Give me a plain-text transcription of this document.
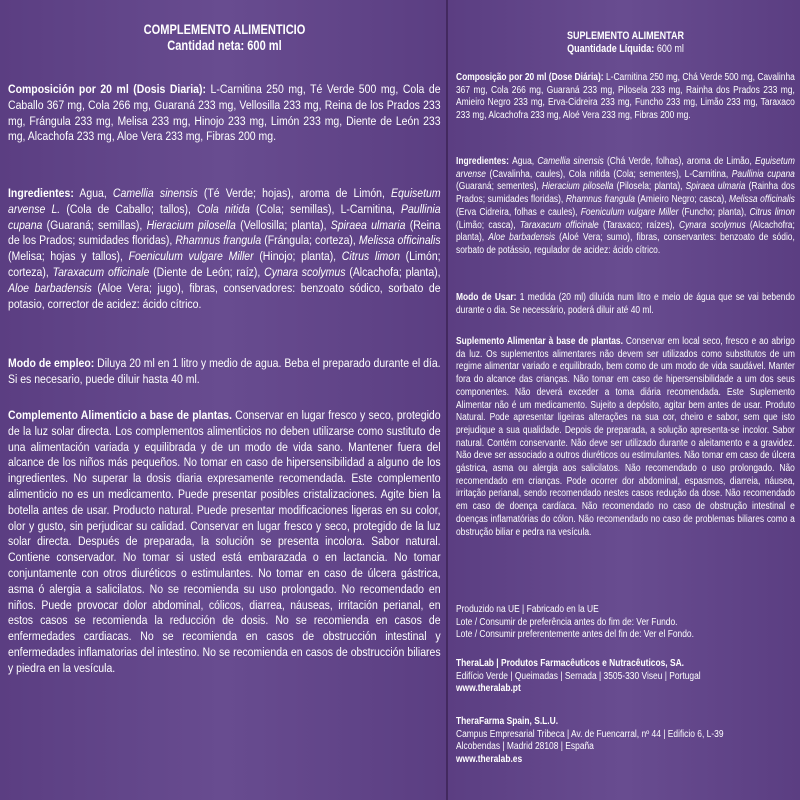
COMPLEMENTO ALIMENTICIO
Cantidad neta: 600 ml
Composición por 20 ml (Dosis Diaria): L-Carnitina 250 mg, Té Verde 500 mg, Cola de Caballo 367 mg, Cola 266 mg, Guaraná 233 mg, Vellosilla 233 mg, Reina de los Prados 233 mg, Frángula 233 mg, Melisa 233 mg, Hinojo 233 mg, Limón 233 mg, Diente de León 233 mg, Alcachofa 233 mg, Aloe Vera 233 mg, Fibras 200 mg.
Ingredientes: Agua, Camellia sinensis (Té Verde; hojas), aroma de Limón, Equisetum arvense L. (Cola de Caballo; tallos), Cola nitida (Cola; semillas), L-Carnitina, Paullinia cupana (Guaraná; semillas), Hieracium pilosella (Vellosilla; planta), Spiraea ulmaria (Reina de los Prados; sumidades floridas), Rhamnus frangula (Frángula; corteza), Melissa officinalis (Melisa; hojas y tallos), Foeniculum vulgare Miller (Hinojo; planta), Citrus limon (Limón; corteza), Taraxacum officinale (Diente de León; raíz), Cynara scolymus (Alcachofa; planta), Aloe barbadensis (Aloe Vera; jugo), fibras, conservadores: benzoato sódico, sorbato de potasio, corrector de acidez: ácido cítrico.
Modo de empleo: Diluya 20 ml en 1 litro y medio de agua. Beba el preparado durante el día. Si es necesario, puede diluir hasta 40 ml.
Complemento Alimenticio a base de plantas. Conservar en lugar fresco y seco, protegido de la luz solar directa. Los complementos alimenticios no deben utilizarse como sustituto de una alimentación variada y equilibrada y de un modo de vida sano. Mantener fuera del alcance de los niños más pequeños. No tomar en caso de hipersensibilidad a alguno de los ingredientes. No superar la dosis diaria expresamente recomendada. Este complemento alimenticio no es un medicamento. Puede presentar posibles cristalizaciones. Agite bien la botella antes de usar. Producto natural. Puede presentar modificaciones ligeras en su color, olor y gusto, sin perjudicar su calidad. Conservar en lugar fresco y seco, protegido de la luz solar directa. Después de preparada, la solución se presenta incolora. Sabor natural. Contiene conservador. No tomar si usted está embarazada o en lactancia. No tomar conjuntamente con otros diuréticos o estimulantes. No tomar en caso de úlcera gástrica, asma ó alergia a salicilatos. No se recomienda su uso prolongado. No recomendado en niños. Puede provocar dolor abdominal, cólicos, diarrea, náuseas, irritación perianal, en estos casos se recomienda la reducción de dosis. No se recomienda en casos de enfermedades cardiacas. No se recomienda en casos de obstrucción intestinal y enfermedades inflamatorias del intestino. No se recomienda en casos de obstrucción biliares y piedra en la vesícula.
SUPLEMENTO ALIMENTAR
Quantidade Líquida: 600 ml
Composição por 20 ml (Dose Diária): L-Carnitina 250 mg, Chá Verde 500 mg, Cavalinha 367 mg, Cola 266 mg, Guaraná 233 mg, Pilosela 233 mg, Rainha dos Prados 233 mg, Amieiro Negro 233 mg, Erva-Cidreira 233 mg, Funcho 233 mg, Limão 233 mg, Taraxaco 233 mg, Alcachofra 233 mg, Aloé Vera 233 mg, Fibras 200 mg.
Ingredientes: Água, Camellia sinensis (Chá Verde, folhas), aroma de Limão, Equisetum arvense (Cavalinha, caules), Cola nitida (Cola; sementes), L-Carnitina, Paullinia cupana (Guaraná; sementes), Hieracium pilosella (Pilosela; planta), Spiraea ulmaria (Rainha dos Prados; sumidades floridas), Rhamnus frangula (Amieiro Negro; casca), Melissa officinalis (Erva Cidreira, folhas e caules), Foeniculum vulgare Miller (Funcho; planta), Citrus limon (Limão; casca), Taraxacum officinale (Taraxaco; raízes), Cynara scolymus (Alcachofra; planta), Aloe barbadensis (Aloé Vera; sumo), fibras, conservantes: benzoato de sódio, sorbato de potássio, regulador de acidez: ácido cítrico.
Modo de Usar: 1 medida (20 ml) diluída num litro e meio de água que se vai bebendo durante o dia. Se necessário, poderá diluir até 40 ml.
Suplemento Alimentar à base de plantas. Conservar em local seco, fresco e ao abrigo da luz. Os suplementos alimentares não devem ser utilizados como substitutos de um regime alimentar variado e equilibrado, bem como de um modo de vida saudável. Manter fora do alcance das crianças. Não tomar em caso de hipersensibilidade a um dos seus componentes. Não deverá exceder a toma diária recomendada. Este Suplemento Alimentar não é um medicamento. Sujeito a depósito, agitar bem antes de usar. Produto Natural. Pode apresentar ligeiras alterações na sua cor, cheiro e sabor, sem que isto prejudique a sua qualidade. Depois de preparada, a solução apresenta-se incolor. Sabor natural. Contém conservante. Não deve ser utilizado durante o aleitamento e a gravidez. Não deve ser associado a outros diuréticos ou estimulantes. Não tomar em caso de úlcera gástrica, asma ou alergia aos salicilatos. Não recomendado o uso prolongado. Não recomendado em crianças. Pode ocorrer dor abdominal, espasmos, diarreia, náusea, irritação perianal, sendo recomendado nestes casos redução da dose. Não recomendado em caso de doença cardíaca. Não recomendado no caso de obstrução intestinal e doenças inflamatórias do cólon. Não recomendado no caso de problemas biliares como a obstrução biliar e pedra na vesícula.
Produzido na UE | Fabricado en la UE
Lote / Consumir de preferência antes do fim de: Ver Fundo.
Lote / Consumir preferentemente antes del fin de: Ver el Fondo.
TheraLab | Produtos Farmacêuticos e Nutracêuticos, SA.
Edifício Verde | Queimadas | Sernada | 3505-330 Viseu | Portugal
www.theralab.pt
TheraFarma Spain, S.L.U.
Campus Empresarial Tribeca | Av. de Fuencarral, nº 44 | Edificio 6, L-39
Alcobendas | Madrid 28108 | España
www.theralab.es
